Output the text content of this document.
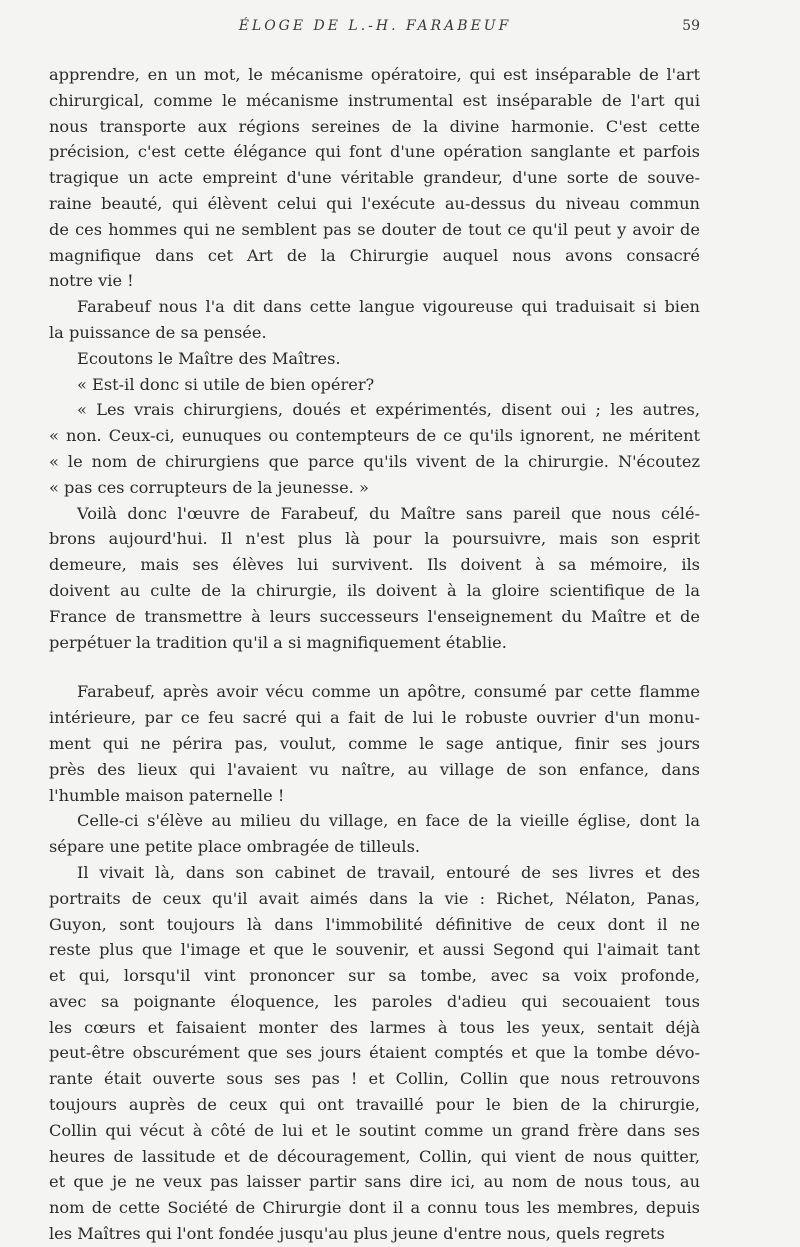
ÉLOGE DE L.-H. FARABEUF	59
apprendre, en un mot, le mécanisme opératoire, qui est inséparable de l'art
chirurgical, comme le mécanisme instrumental est inséparable de l'art qui
nous transporte aux régions sereines de la divine harmonie. C'est cette
précision, c'est cette élégance qui font d'une opération sanglante et parfois
tragique un acte empreint d'une véritable grandeur, d'une sorte de souve-
raine beauté, qui élèvent celui qui l'exécute au-dessus du niveau commun
de ces hommes qui ne semblent pas se douter de tout ce qu'il peut y avoir de
magnifique dans cet Art de la Chirurgie auquel nous avons consacré
notre vie !
Farabeuf nous l'a dit dans cette langue vigoureuse qui traduisait si bien
la puissance de sa pensée.
Ecoutons le Maître des Maîtres.
« Est-il donc si utile de bien opérer?
« Les vrais chirurgiens, doués et expérimentés, disent oui ; les autres,
« non. Ceux-ci, eunuques ou contempteurs de ce qu'ils ignorent, ne méritent
« le nom de chirurgiens que parce qu'ils vivent de la chirurgie. N'écoutez
« pas ces corrupteurs de la jeunesse. »
Voilà donc l'œuvre de Farabeuf, du Maître sans pareil que nous célé-
brons aujourd'hui. Il n'est plus là pour la poursuivre, mais son esprit
demeure, mais ses élèves lui survivent. Ils doivent à sa mémoire, ils
doivent au culte de la chirurgie, ils doivent à la gloire scientifique de la
France de transmettre à leurs successeurs l'enseignement du Maître et de
perpétuer la tradition qu'il a si magnifiquement établie.
Farabeuf, après avoir vécu comme un apôtre, consumé par cette flamme
intérieure, par ce feu sacré qui a fait de lui le robuste ouvrier d'un monu-
ment qui ne périra pas, voulut, comme le sage antique, finir ses jours
près des lieux qui l'avaient vu naître, au village de son enfance, dans
l'humble maison paternelle !
Celle-ci s'élève au milieu du village, en face de la vieille église, dont la
sépare une petite place ombragée de tilleuls.
Il vivait là, dans son cabinet de travail, entouré de ses livres et des
portraits de ceux qu'il avait aimés dans la vie : Richet, Nélaton, Panas,
Guyon, sont toujours là dans l'immobilité définitive de ceux dont il ne
reste plus que l'image et que le souvenir, et aussi Segond qui l'aimait tant
et qui, lorsqu'il vint prononcer sur sa tombe, avec sa voix profonde,
avec sa poignante éloquence, les paroles d'adieu qui secouaient tous
les cœurs et faisaient monter des larmes à tous les yeux, sentait déjà
peut-être obscurément que ses jours étaient comptés et que la tombe dévo-
rante était ouverte sous ses pas ! et Collin, Collin que nous retrouvons
toujours auprès de ceux qui ont travaillé pour le bien de la chirurgie,
Collin qui vécut à côté de lui et le soutint comme un grand frère dans ses
heures de lassitude et de découragement, Collin, qui vient de nous quitter,
et que je ne veux pas laisser partir sans dire ici, au nom de nous tous, au
nom de cette Société de Chirurgie dont il a connu tous les membres, depuis
les Maîtres qui l'ont fondée jusqu'au plus jeune d'entre nous, quels regrets
